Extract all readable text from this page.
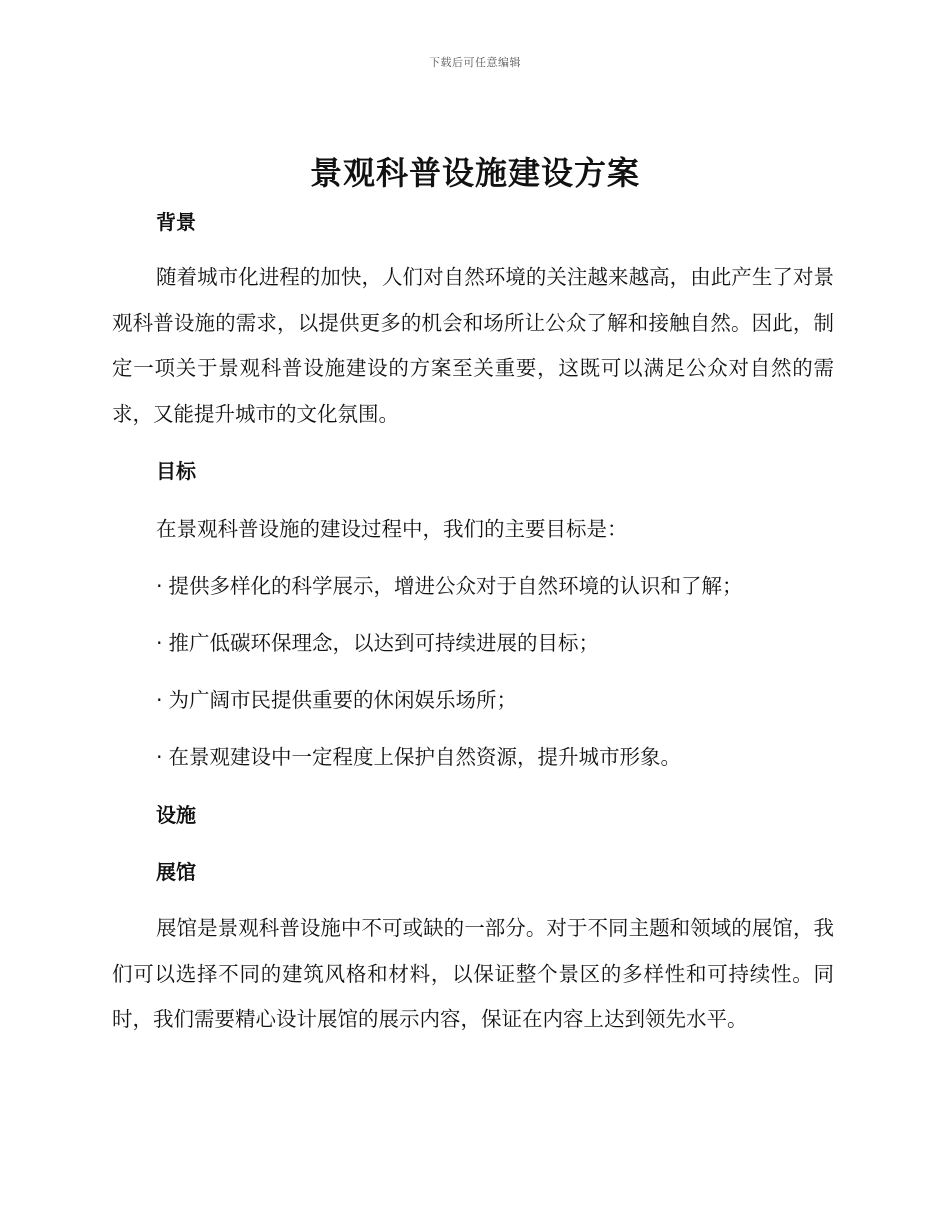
下载后可任意编辑
景观科普设施建设方案
背景

随着城市化进程的加快，人们对自然环境的关注越来越高，由此产生了对景观科普设施的需求，以提供更多的机会和场所让公众了解和接触自然。因此，制定一项关于景观科普设施建设的方案至关重要，这既可以满足公众对自然的需求，又能提升城市的文化氛围。

目标

在景观科普设施的建设过程中，我们的主要目标是：

· 提供多样化的科学展示，增进公众对于自然环境的认识和了解；

· 推广低碳环保理念，以达到可持续进展的目标；

· 为广阔市民提供重要的休闲娱乐场所；

· 在景观建设中一定程度上保护自然资源，提升城市形象。

设施
展馆

展馆是景观科普设施中不可或缺的一部分。对于不同主题和领域的展馆，我们可以选择不同的建筑风格和材料，以保证整个景区的多样性和可持续性。同时，我们需要精心设计展馆的展示内容，保证在内容上达到领先水平。
